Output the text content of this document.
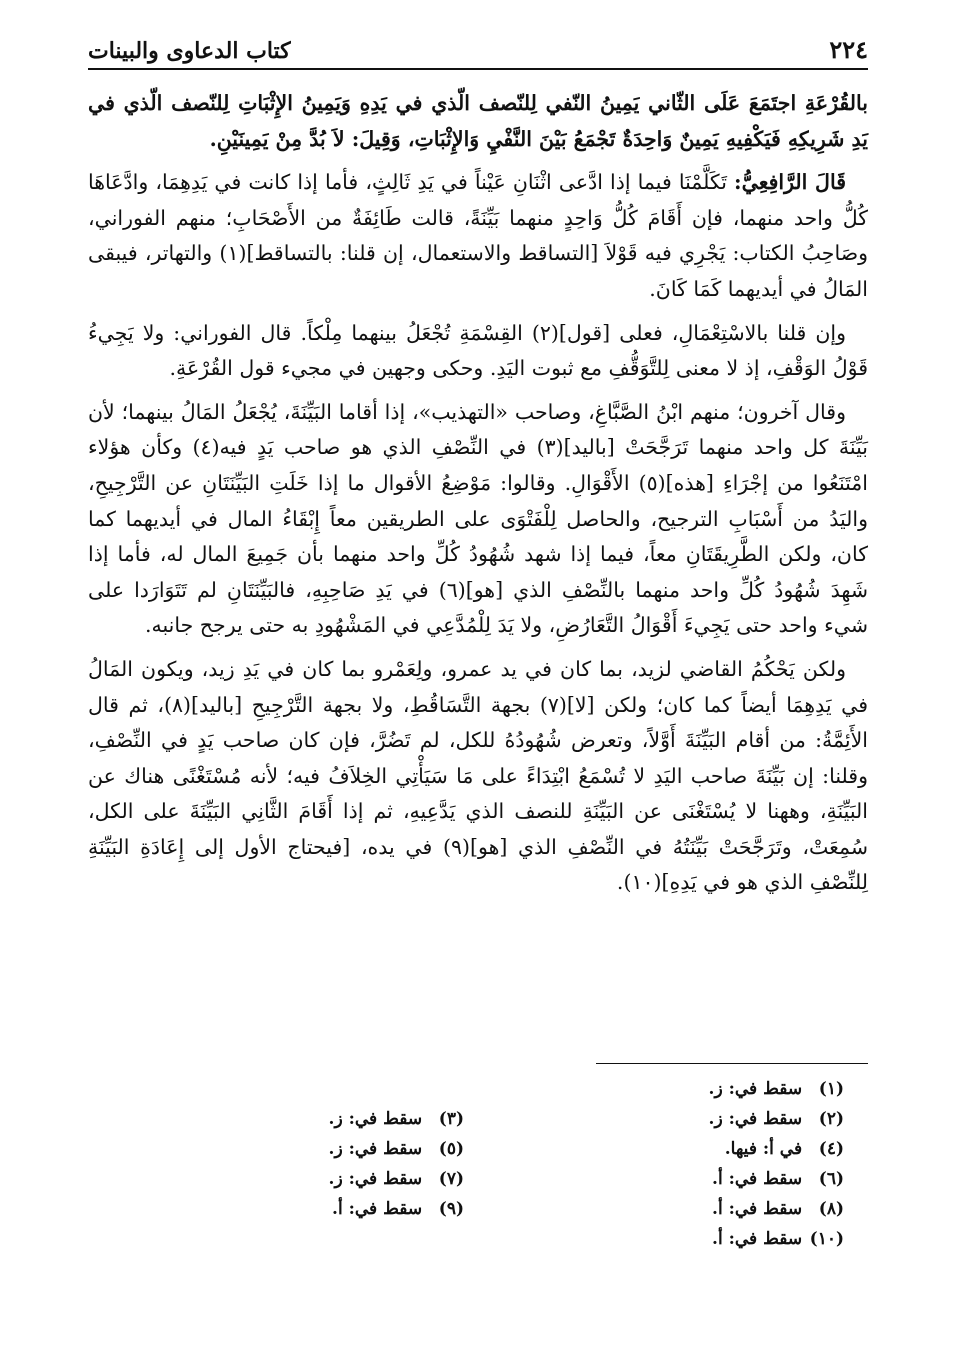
٢٢٤
كتاب الدعاوى والبينات

بالقُرْعَةِ اجتَمَعَ عَلَى الثّاني يَمِينُ النّفي لِلنّصف الّذي في يَدِهِ وَيَمِينُ الإِثْبَاتِ لِلنّصف الّذي في يَدِ شَرِيكِهِ فَيَكْفِيهِ يَمِينٌ وَاحِدَةٌ تَجْمَعُ بَيْنَ النَّفْيِ وَالإِثْبَاتِ، وَقِيلَ: لاَ بُدَّ مِنْ يَمِينَيْنِ.

قَالَ الرَّافِعِيُّ: تَكَلَّمْنَا فيما إذا ادَّعى اثْنَانِ عَيْناً في يَدِ ثَالِثٍ، فأما إذا كانت في يَدِهِمَا، وادَّعَاهَا كُلُّ واحد منهما، فإن أَقَامَ كُلُّ وَاحِدٍ منهما بَيِّنَةً، قالت طَائِفَةٌ من الأَصْحَابِ؛ منهم الفوراني، وصَاحِبُ الكتاب: يَجْرِي فيه قَوْلاَ [التساقط والاستعمال، إن قلنا: بالتساقط](١) والتهاتر، فيبقى المَالُ في أيديهما كَمَا كَانَ.

وإن قلنا بالاسْتِعْمَالِ، فعلى [قول](٢) القِسْمَةِ تُجْعَلُ بينهما مِلْكاً. قال الفوراني: ولا يَجِيءُ قَوْلُ الوَقْفِ، إذ لا معنى لِلتَّوَقُّفِ مع ثبوت اليَدِ. وحكى وجهين في مجيء قول القُرْعَةِ.

وقال آخرون؛ منهم ابْنُ الصَّبَّاغِ، وصاحب «التهذيب»، إذا أقاما البَيِّنَةَ، يُجْعَلُ المَالُ بينهما؛ لأن بَيِّنَةَ كل واحد منهما تَرَجَّحَتْ [باليد](٣) في النِّصْفِ الذي هو صاحب يَدٍ فيه(٤) وكأن هؤلاء امْتَنَعُوا من إجْرَاءِ [هذه](٥) الأَقْوَالِ. وقالوا: مَوْضِعُ الأقوال ما إذا خَلَتِ البَيِّنَتَانِ عن التَّرْجِيحِ، واليَدُ من أَسْبَابِ الترجيح، والحاصل لِلْفَتْوَى على الطريقين معاً إِبْقَاءُ المال في أيديهما كما كان، ولكن الطَّرِيقَتَانِ معاً، فيما إذا شهد شُهُودُ كُلِّ واحد منهما بأن جَمِيعَ المال له، فأما إذا شَهِدَ شُهُودُ كُلِّ واحد منهما بالنِّصْفِ الذي [هو](٦) في يَدِ صَاحِبِهِ، فالبَيِّنَتَانِ لم تَتَوَارَدا على شيء واحد حتى يَجِيءَ أَقْوَالُ التَّعَارُضِ، ولا يَدَ لِلْمُدَّعِي في المَشْهُودِ به حتى يرجح جانبه.

ولكن يَحْكُمُ القاضي لزيد، بما كان في يد عمرو، ولِعَمْرو بما كان في يَدِ زيد، ويكون المَالُ في يَدِهِمَا أيضاً كما كان؛ ولكن [لا](٧) بجهة التَّسَاقُطِ، ولا بجهة التَّرْجِيحِ [باليد](٨)، ثم قال الأَئِمَّةُ: من أقام البَيِّنَةَ أَوَّلاً، وتعرض شُهُودُهُ للكل، لم تَضُرَّ، فإن كان صاحب يَدٍ في النِّصْفِ، وقلنا: إن بَيِّنَةَ صاحب اليَدِ لا تُسْمَعُ ابْتِدَاءً على مَا سَيَأْتِي الخِلاَفُ فيه؛ لأنه مُسْتَغْنًى هناك عن البَيِّنَةِ، وههنا لا يُسْتَغْنَى عن البَيِّنَةِ للنصف الذي يَدَّعِيهِ، ثم إذا أَقَامَ الثَّانِي البَيِّنَةَ على الكل، سُمِعَتْ، وتَرَجَّحَتْ بَيِّنَتُهُ في النِّصْفِ الذي [هو](٩) في يده، [فيحتاج الأول إلى إِعَادَةِ البَيِّنَةِ لِلنِّصْفِ الذي هو في يَدِهِ](١٠).

(١) سقط في: ز.
(٢) سقط في: ز.
(٤) في أ: فيها.
(٦) سقط في: أ.
(٨) سقط في: أ.
(١٠) سقط في: أ.
(٣) سقط في: ز.
(٥) سقط في: ز.
(٧) سقط في: ز.
(٩) سقط في: أ.
